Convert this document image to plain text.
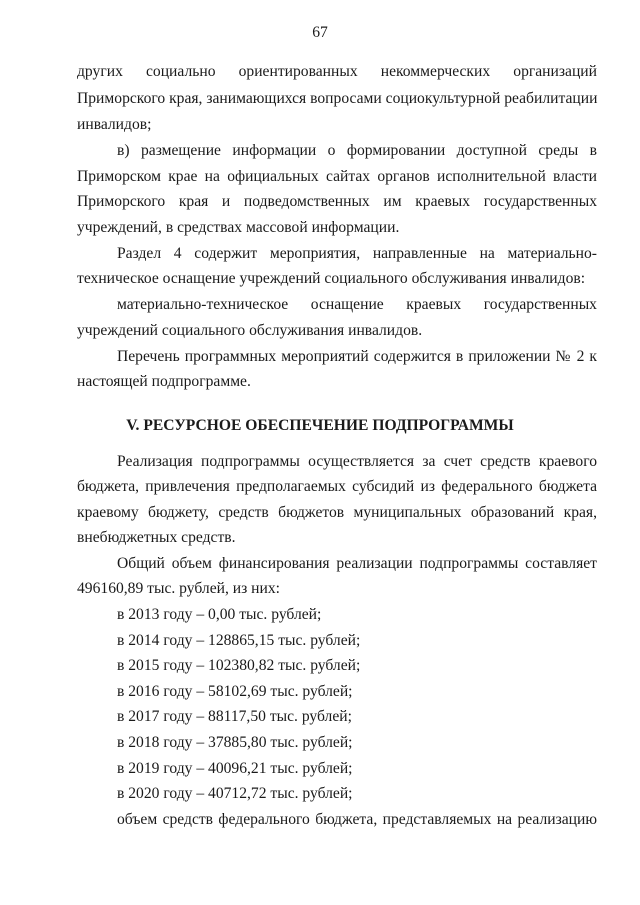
67
других социально ориентированных некоммерческих организаций
Приморского края, занимающихся вопросами социокультурной реабилитации
инвалидов;
в) размещение информации о формировании доступной среды в
Приморском крае на официальных сайтах органов исполнительной власти
Приморского края и подведомственных им краевых государственных
учреждений, в средствах массовой информации.
Раздел 4 содержит мероприятия, направленные на материально-
техническое оснащение учреждений социального обслуживания инвалидов:
материально-техническое оснащение краевых государственных
учреждений социального обслуживания инвалидов.
Перечень программных мероприятий содержится в приложении № 2 к
настоящей подпрограмме.
V. РЕСУРСНОЕ ОБЕСПЕЧЕНИЕ ПОДПРОГРАММЫ
Реализация подпрограммы осуществляется за счет средств краевого
бюджета, привлечения предполагаемых субсидий из федерального бюджета
краевому бюджету, средств бюджетов муниципальных образований края,
внебюджетных средств.
Общий объем финансирования реализации подпрограммы составляет
496160,89 тыс. рублей, из них:
в 2013 году – 0,00 тыс. рублей;
в 2014 году – 128865,15 тыс. рублей;
в 2015 году – 102380,82 тыс. рублей;
в 2016 году – 58102,69 тыс. рублей;
в 2017 году – 88117,50 тыс. рублей;
в 2018 году – 37885,80 тыс. рублей;
в 2019 году – 40096,21 тыс. рублей;
в 2020 году – 40712,72 тыс. рублей;
объем средств федерального бюджета, представляемых на реализацию
